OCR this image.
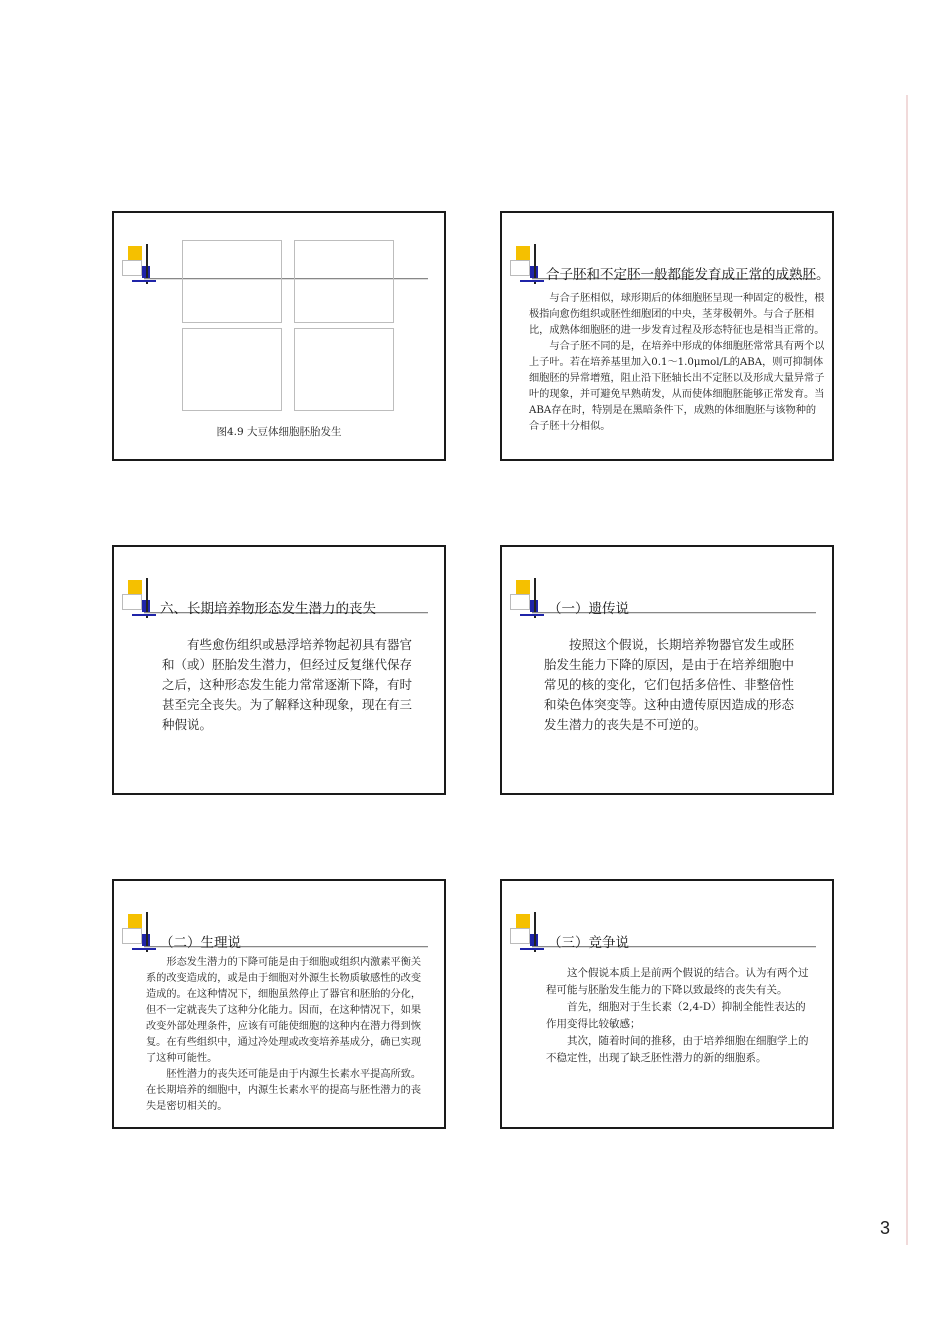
图4.9 大豆体细胞胚胎发生
合子胚和不定胚一般都能发育成正常的成熟胚。

与合子胚相似，球形期后的体细胞胚呈现一种固定的极性，根极指向愈伤组织或胚性细胞团的中央，茎芽极朝外。与合子胚相比，成熟体细胞胚的进一步发育过程及形态特征也是相当正常的。

与合子胚不同的是，在培养中形成的体细胞胚常常具有两个以上子叶。若在培养基里加入0.1～1.0μmol/L的ABA，则可抑制体细胞胚的异常增殖，阻止沿下胚轴长出不定胚以及形成大量异常子叶的现象，并可避免早熟萌发，从而使体细胞胚能够正常发育。当ABA存在时，特别是在黑暗条件下，成熟的体细胞胚与该物种的合子胚十分相似。

六、长期培养物形态发生潜力的丧失

有些愈伤组织或悬浮培养物起初具有器官和（或）胚胎发生潜力，但经过反复继代保存之后，这种形态发生能力常常逐渐下降，有时甚至完全丧失。为了解释这种现象，现在有三种假说。

（一）遗传说

按照这个假说，长期培养物器官发生或胚胎发生能力下降的原因，是由于在培养细胞中常见的核的变化，它们包括多倍性、非整倍性和染色体突变等。这种由遗传原因造成的形态发生潜力的丧失是不可逆的。

（二）生理说

形态发生潜力的下降可能是由于细胞或组织内激素平衡关系的改变造成的，或是由于细胞对外源生长物质敏感性的改变造成的。在这种情况下，细胞虽然停止了器官和胚胎的分化，但不一定就丧失了这种分化能力。因而，在这种情况下，如果改变外部处理条件，应该有可能使细胞的这种内在潜力得到恢复。在有些组织中，通过冷处理或改变培养基成分，确已实现了这种可能性。

胚性潜力的丧失还可能是由于内源生长素水平提高所致。在长期培养的细胞中，内源生长素水平的提高与胚性潜力的丧失是密切相关的。

（三）竞争说

这个假说本质上是前两个假说的结合。认为有两个过程可能与胚胎发生能力的下降以致最终的丧失有关。

首先，细胞对于生长素（2,4-D）抑制全能性表达的作用变得比较敏感；

其次，随着时间的推移，由于培养细胞在细胞学上的不稳定性，出现了缺乏胚性潜力的新的细胞系。

3
